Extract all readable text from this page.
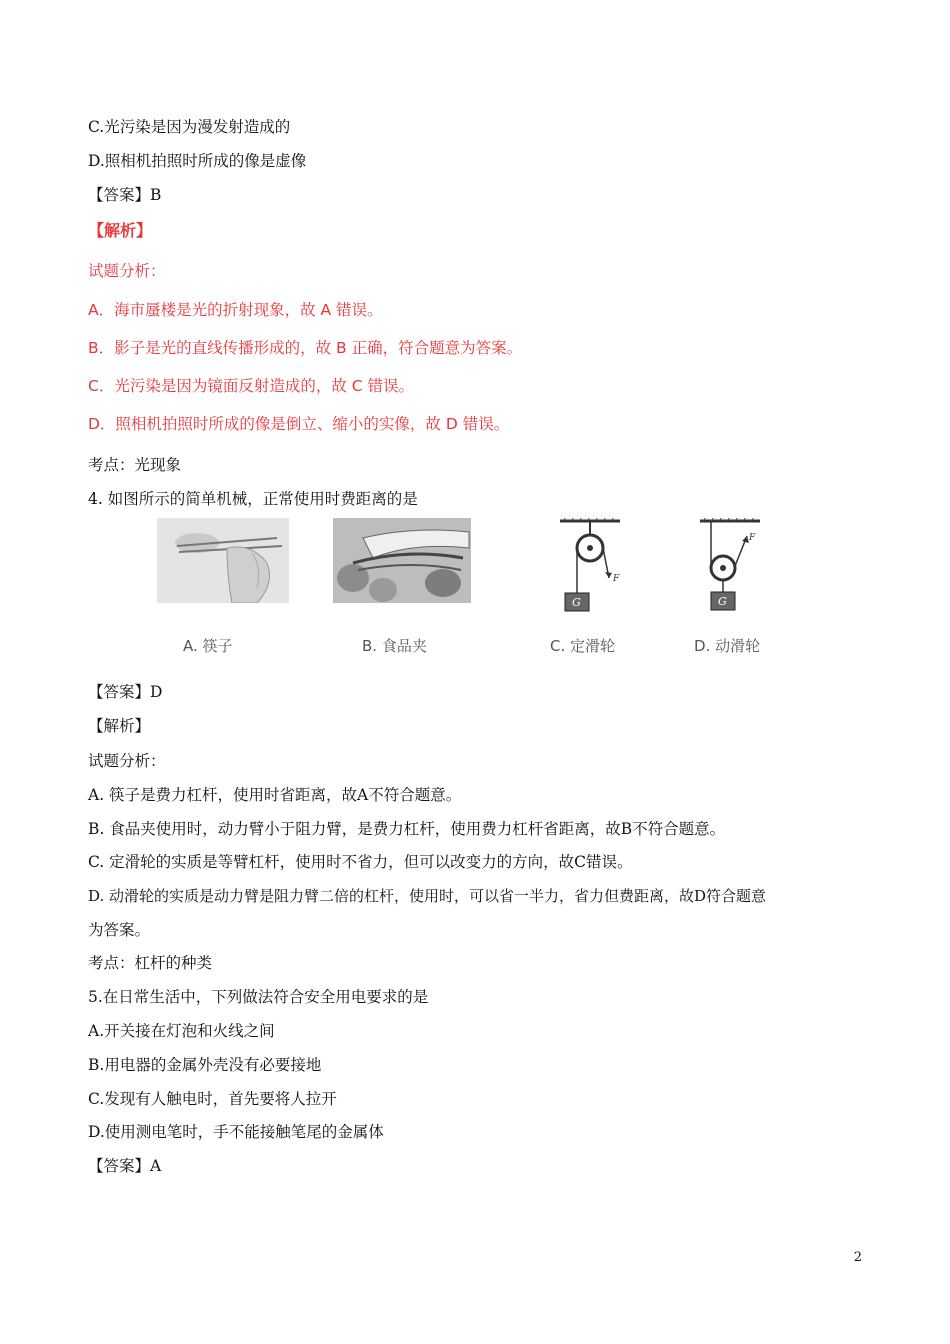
C.光污染是因为漫发射造成的
D.照相机拍照时所成的像是虚像
【答案】B
【解析】
试题分析：
A．海市蜃楼是光的折射现象，故 A 错误。
B．影子是光的直线传播形成的，故 B 正确，符合题意为答案。
C．光污染是因为镜面反射造成的，故 C 错误。
D．照相机拍照时所成的像是倒立、缩小的实像，故 D 错误。
考点：光现象
4. 如图所示的简单机械，正常使用时费距离的是
F
G
F
G
A. 筷子	B. 食品夹	C. 定滑轮	D. 动滑轮
【答案】D
【解析】
试题分析：
A. 筷子是费力杠杆，使用时省距离，故A不符合题意。
B. 食品夹使用时，动力臂小于阻力臂，是费力杠杆，使用费力杠杆省距离，故B不符合题意。
C. 定滑轮的实质是等臂杠杆，使用时不省力，但可以改变力的方向，故C错误。
D. 动滑轮的实质是动力臂是阻力臂二倍的杠杆，使用时，可以省一半力，省力但费距离，故D符合题意
为答案。
考点：杠杆的种类
5.在日常生活中，下列做法符合安全用电要求的是
A.开关接在灯泡和火线之间
B.用电器的金属外壳没有必要接地
C.发现有人触电时，首先要将人拉开
D.使用测电笔时，手不能接触笔尾的金属体
【答案】A
2
